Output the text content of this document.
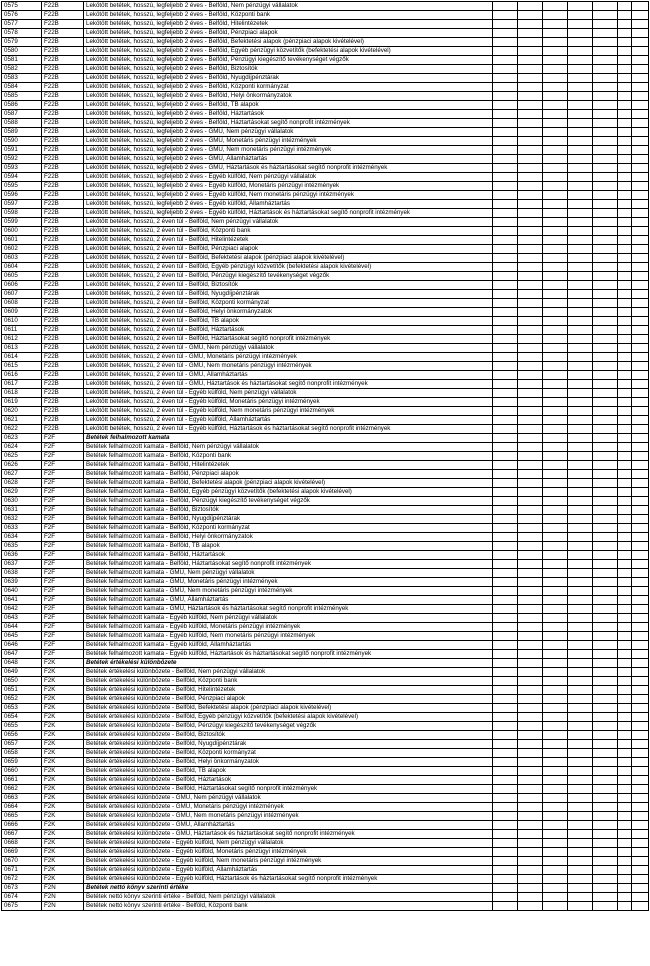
0575	F22B	Lekötött betétek, hosszú, legfeljebb 2 éves - Belföld, Nem pénzügyi vállalatok							
0576	F22B	Lekötött betétek, hosszú, legfeljebb 2 éves - Belföld, Központi bank							
0577	F22B	Lekötött betétek, hosszú, legfeljebb 2 éves - Belföld, Hitelintézetek							
0578	F22B	Lekötött betétek, hosszú, legfeljebb 2 éves - Belföld, Pénzpiaci alapok							
0579	F22B	Lekötött betétek, hosszú, legfeljebb 2 éves - Belföld, Befektetési alapok (pénzpiaci alapok kivételével)							
0580	F22B	Lekötött betétek, hosszú, legfeljebb 2 éves - Belföld, Egyéb pénzügyi közvetítők (befektetési alapok kivételével)							
0581	F22B	Lekötött betétek, hosszú, legfeljebb 2 éves - Belföld, Pénzügyi kiegészítő tevékenységet végzők							
0582	F22B	Lekötött betétek, hosszú, legfeljebb 2 éves - Belföld, Biztosítók							
0583	F22B	Lekötött betétek, hosszú, legfeljebb 2 éves - Belföld, Nyugdíjpénztárak							
0584	F22B	Lekötött betétek, hosszú, legfeljebb 2 éves - Belföld, Központi kormányzat							
0585	F22B	Lekötött betétek, hosszú, legfeljebb 2 éves - Belföld, Helyi önkormányzatok							
0586	F22B	Lekötött betétek, hosszú, legfeljebb 2 éves - Belföld, TB alapok							
0587	F22B	Lekötött betétek, hosszú, legfeljebb 2 éves - Belföld, Háztartások							
0588	F22B	Lekötött betétek, hosszú, legfeljebb 2 éves - Belföld, Háztartásokat segítő nonprofit intézmények							
0589	F22B	Lekötött betétek, hosszú, legfeljebb 2 éves - GMU, Nem pénzügyi vállalatok							
0590	F22B	Lekötött betétek, hosszú, legfeljebb 2 éves - GMU, Monetáris pénzügyi intézmények							
0591	F22B	Lekötött betétek, hosszú, legfeljebb 2 éves - GMU, Nem monetáris pénzügyi intézmények							
0592	F22B	Lekötött betétek, hosszú, legfeljebb 2 éves - GMU, Államháztartás							
0593	F22B	Lekötött betétek, hosszú, legfeljebb 2 éves - GMU, Háztartások és háztartásokat segítő nonprofit intézmények							
0594	F22B	Lekötött betétek, hosszú, legfeljebb 2 éves - Egyéb külföld, Nem pénzügyi vállalatok							
0595	F22B	Lekötött betétek, hosszú, legfeljebb 2 éves - Egyéb külföld, Monetáris pénzügyi intézmények							
0596	F22B	Lekötött betétek, hosszú, legfeljebb 2 éves - Egyéb külföld, Nem monetáris pénzügyi intézmények							
0597	F22B	Lekötött betétek, hosszú, legfeljebb 2 éves - Egyéb külföld, Államháztartás							
0598	F22B	Lekötött betétek, hosszú, legfeljebb 2 éves - Egyéb külföld, Háztartások és háztartásokat segítő nonprofit intézmények							
0599	F22B	Lekötött betétek, hosszú, 2 éven túl - Belföld, Nem pénzügyi vállalatok							
0600	F22B	Lekötött betétek, hosszú, 2 éven túl - Belföld, Központi bank							
0601	F22B	Lekötött betétek, hosszú, 2 éven túl - Belföld, Hitelintézetek							
0602	F22B	Lekötött betétek, hosszú, 2 éven túl - Belföld, Pénzpiaci alapok							
0603	F22B	Lekötött betétek, hosszú, 2 éven túl - Belföld, Befektetési alapok (pénzpiaci alapok kivételével)							
0604	F22B	Lekötött betétek, hosszú, 2 éven túl - Belföld, Egyéb pénzügyi közvetítők (befektetési alapok kivételével)							
0605	F22B	Lekötött betétek, hosszú, 2 éven túl - Belföld, Pénzügyi kiegészítő tevékenységet végzők							
0606	F22B	Lekötött betétek, hosszú, 2 éven túl - Belföld, Biztosítók							
0607	F22B	Lekötött betétek, hosszú, 2 éven túl - Belföld, Nyugdíjpénztárak							
0608	F22B	Lekötött betétek, hosszú, 2 éven túl - Belföld, Központi kormányzat							
0609	F22B	Lekötött betétek, hosszú, 2 éven túl - Belföld, Helyi önkormányzatok							
0610	F22B	Lekötött betétek, hosszú, 2 éven túl - Belföld, TB alapok							
0611	F22B	Lekötött betétek, hosszú, 2 éven túl - Belföld, Háztartások							
0612	F22B	Lekötött betétek, hosszú, 2 éven túl - Belföld, Háztartásokat segítő nonprofit intézmények							
0613	F22B	Lekötött betétek, hosszú, 2 éven túl - GMU, Nem pénzügyi vállalatok							
0614	F22B	Lekötött betétek, hosszú, 2 éven túl - GMU, Monetáris pénzügyi intézmények							
0615	F22B	Lekötött betétek, hosszú, 2 éven túl - GMU, Nem monetáris pénzügyi intézmények							
0616	F22B	Lekötött betétek, hosszú, 2 éven túl - GMU, Államháztartás							
0617	F22B	Lekötött betétek, hosszú, 2 éven túl - GMU, Háztartások és háztartásokat segítő nonprofit intézmények							
0618	F22B	Lekötött betétek, hosszú, 2 éven túl - Egyéb külföld, Nem pénzügyi vállalatok							
0619	F22B	Lekötött betétek, hosszú, 2 éven túl - Egyéb külföld, Monetáris pénzügyi intézmények							
0620	F22B	Lekötött betétek, hosszú, 2 éven túl - Egyéb külföld, Nem monetáris pénzügyi intézmények							
0621	F22B	Lekötött betétek, hosszú, 2 éven túl - Egyéb külföld, Államháztartás							
0622	F22B	Lekötött betétek, hosszú, 2 éven túl - Egyéb külföld, Háztartások és háztartásokat segítő nonprofit intézmények							
0623	F2F	Betétek felhalmozott kamata							
0624	F2F	Betétek felhalmozott kamata - Belföld, Nem pénzügyi vállalatok							
0625	F2F	Betétek felhalmozott kamata - Belföld, Központi bank							
0626	F2F	Betétek felhalmozott kamata - Belföld, Hitelintézetek							
0627	F2F	Betétek felhalmozott kamata - Belföld, Pénzpiaci alapok							
0628	F2F	Betétek felhalmozott kamata - Belföld, Befektetési alapok (pénzpiaci alapok kivételével)							
0629	F2F	Betétek felhalmozott kamata - Belföld, Egyéb pénzügyi közvetítők (befektetési alapok kivételével)							
0630	F2F	Betétek felhalmozott kamata - Belföld, Pénzügyi kiegészítő tevékenységet végzők							
0631	F2F	Betétek felhalmozott kamata - Belföld, Biztosítók							
0632	F2F	Betétek felhalmozott kamata - Belföld, Nyugdíjpénztárak							
0633	F2F	Betétek felhalmozott kamata - Belföld, Központi kormányzat							
0634	F2F	Betétek felhalmozott kamata - Belföld, Helyi önkormányzatok							
0635	F2F	Betétek felhalmozott kamata - Belföld, TB alapok							
0636	F2F	Betétek felhalmozott kamata - Belföld, Háztartások							
0637	F2F	Betétek felhalmozott kamata - Belföld, Háztartásokat segítő nonprofit intézmények							
0638	F2F	Betétek felhalmozott kamata - GMU, Nem pénzügyi vállalatok							
0639	F2F	Betétek felhalmozott kamata - GMU, Monetáris pénzügyi intézmények							
0640	F2F	Betétek felhalmozott kamata - GMU, Nem monetáris pénzügyi intézmények							
0641	F2F	Betétek felhalmozott kamata - GMU, Államháztartás							
0642	F2F	Betétek felhalmozott kamata - GMU, Háztartások és háztartásokat segítő nonprofit intézmények							
0643	F2F	Betétek felhalmozott kamata - Egyéb külföld, Nem pénzügyi vállalatok							
0644	F2F	Betétek felhalmozott kamata - Egyéb külföld, Monetáris pénzügyi intézmények							
0645	F2F	Betétek felhalmozott kamata - Egyéb külföld, Nem monetáris pénzügyi intézmények							
0646	F2F	Betétek felhalmozott kamata - Egyéb külföld, Államháztartás							
0647	F2F	Betétek felhalmozott kamata - Egyéb külföld, Háztartások és háztartásokat segítő nonprofit intézmények							
0648	F2K	Betétek értékelési különbözete							
0649	F2K	Betétek értékelési különbözete - Belföld, Nem pénzügyi vállalatok							
0650	F2K	Betétek értékelési különbözete - Belföld, Központi bank							
0651	F2K	Betétek értékelési különbözete - Belföld, Hitelintézetek							
0652	F2K	Betétek értékelési különbözete - Belföld, Pénzpiaci alapok							
0653	F2K	Betétek értékelési különbözete - Belföld, Befektetési alapok (pénzpiaci alapok kivételével)							
0654	F2K	Betétek értékelési különbözete - Belföld, Egyéb pénzügyi közvetítők (befektetési alapok kivételével)							
0655	F2K	Betétek értékelési különbözete - Belföld, Pénzügyi kiegészítő tevékenységet végzők							
0656	F2K	Betétek értékelési különbözete - Belföld, Biztosítók							
0657	F2K	Betétek értékelési különbözete - Belföld, Nyugdíjpénztárak							
0658	F2K	Betétek értékelési különbözete - Belföld, Központi kormányzat							
0659	F2K	Betétek értékelési különbözete - Belföld, Helyi önkormányzatok							
0660	F2K	Betétek értékelési különbözete - Belföld, TB alapok							
0661	F2K	Betétek értékelési különbözete - Belföld, Háztartások							
0662	F2K	Betétek értékelési különbözete - Belföld, Háztartásokat segítő nonprofit intézmények							
0663	F2K	Betétek értékelési különbözete - GMU, Nem pénzügyi vállalatok							
0664	F2K	Betétek értékelési különbözete - GMU, Monetáris pénzügyi intézmények							
0665	F2K	Betétek értékelési különbözete - GMU, Nem monetáris pénzügyi intézmények							
0666	F2K	Betétek értékelési különbözete - GMU, Államháztartás							
0667	F2K	Betétek értékelési különbözete - GMU, Háztartások és háztartásokat segítő nonprofit intézmények							
0668	F2K	Betétek értékelési különbözete - Egyéb külföld, Nem pénzügyi vállalatok							
0669	F2K	Betétek értékelési különbözete - Egyéb külföld, Monetáris pénzügyi intézmények							
0670	F2K	Betétek értékelési különbözete - Egyéb külföld, Nem monetáris pénzügyi intézmények							
0671	F2K	Betétek értékelési különbözete - Egyéb külföld, Államháztartás							
0672	F2K	Betétek értékelési különbözete - Egyéb külföld, Háztartások és háztartásokat segítő nonprofit intézmények							
0673	F2N	Betétek nettó könyv szerinti értéke							
0674	F2N	Betétek nettó könyv szerinti értéke - Belföld, Nem pénzügyi vállalatok							
0675	F2N	Betétek nettó könyv szerinti értéke - Belföld, Központi bank							
